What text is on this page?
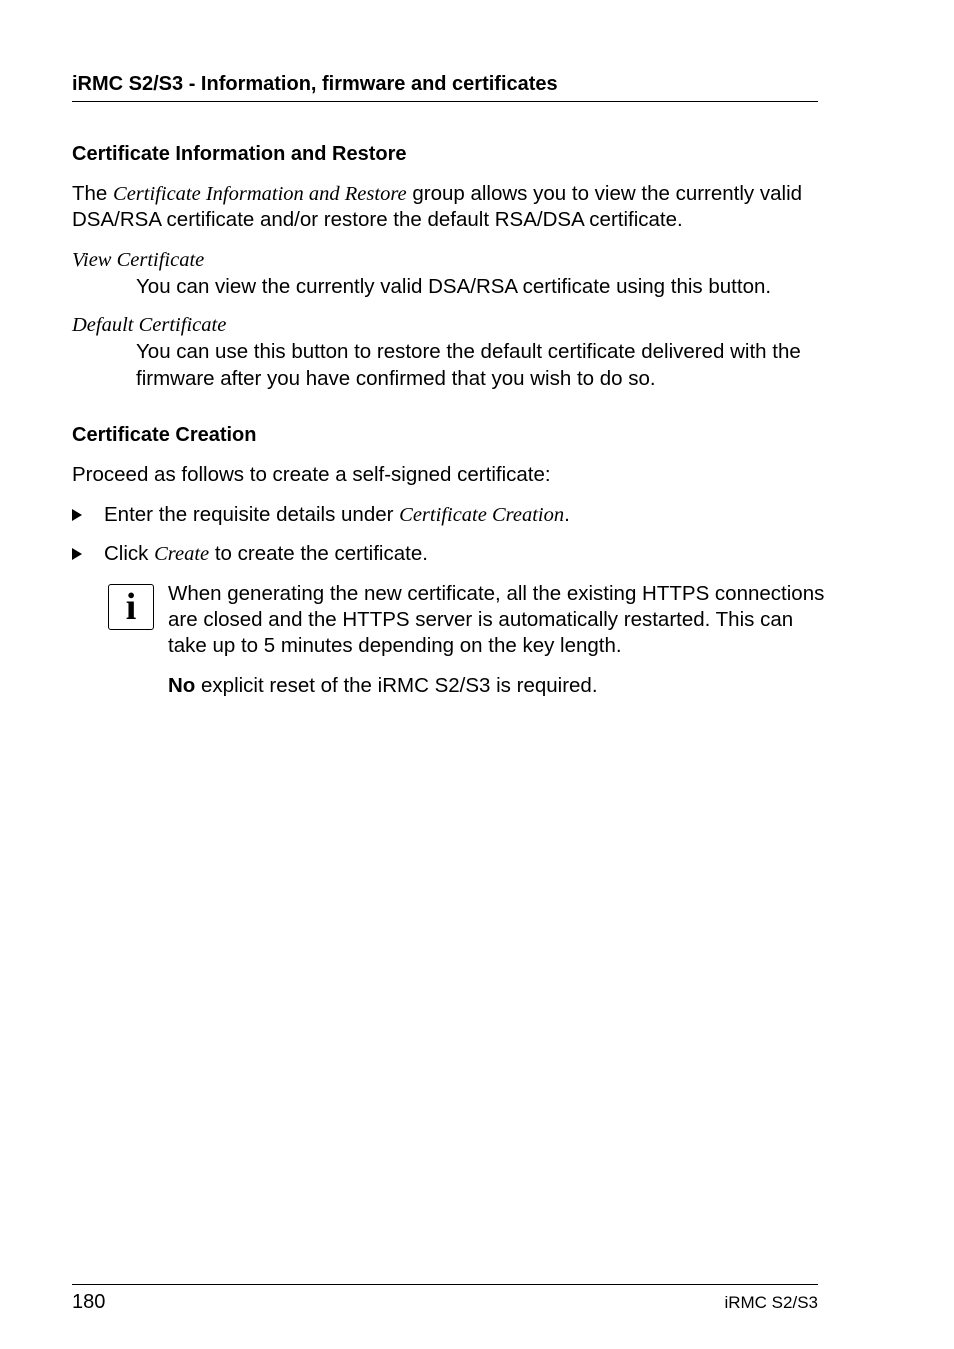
iRMC S2/S3 - Information, firmware and certificates
Certificate Information and Restore
The Certificate Information and Restore group allows you to view the currently valid DSA/RSA certificate and/or restore the default RSA/DSA certificate.
View Certificate
You can view the currently valid DSA/RSA certificate using this button.
Default Certificate
You can use this button to restore the default certificate delivered with the firmware after you have confirmed that you wish to do so.
Certificate Creation
Proceed as follows to create a self-signed certificate:
Enter the requisite details under Certificate Creation.
Click Create to create the certificate.
i	When generating the new certificate, all the existing HTTPS connections are closed and the HTTPS server is automatically restarted. This can take up to 5 minutes depending on the key length.
No explicit reset of the iRMC S2/S3 is required.
180	iRMC S2/S3
